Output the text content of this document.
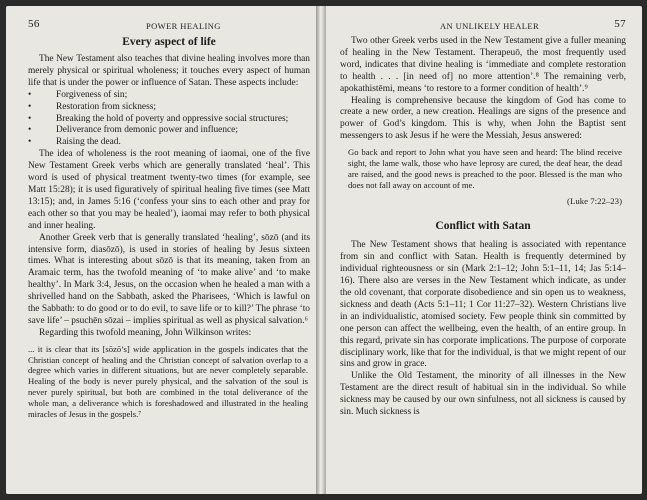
56	POWER HEALING
Every aspect of life

The New Testament also teaches that divine healing involves more than merely physical or spiritual wholeness; it touches every aspect of human life that is under the power or influence of Satan. These aspects include:

•	Forgiveness of sin;
•	Restoration from sickness;
•	Breaking the hold of poverty and oppressive social structures;
•	Deliverance from demonic power and influence;
•	Raising the dead.

The idea of wholeness is the root meaning of iaomai, one of the five New Testament Greek verbs which are generally translated ‘heal’. This word is used of physical treatment twenty-two times (for example, see Matt 15:28); it is used figuratively of spiritual healing five times (see Matt 13:15); and, in James 5:16 (‘confess your sins to each other and pray for each other so that you may be healed’), iaomai may refer to both physical and inner healing.

Another Greek verb that is generally translated ‘healing’, sōzō (and its intensive form, diasōzō), is used in stories of healing by Jesus sixteen times. What is interesting about sōzō is that its meaning, taken from an Aramaic term, has the twofold meaning of ‘to make alive’ and ‘to make healthy’. In Mark 3:4, Jesus, on the occasion when he healed a man with a shrivelled hand on the Sabbath, asked the Pharisees, ‘Which is lawful on the Sabbath: to do good or to do evil, to save life or to kill?’ The phrase ‘to save life’ – psuchēn sōzai – implies spiritual as well as physical salvation.⁶

Regarding this twofold meaning, John Wilkinson writes:

... it is clear that its [sōzō’s] wide application in the gospels indicates that the Christian concept of healing and the Christian concept of salvation overlap to a degree which varies in different situations, but are never completely separable. Healing of the body is never purely physical, and the salvation of the soul is never purely spiritual, but both are combined in the total deliverance of the whole man, a deliverance which is foreshadowed and illustrated in the healing miracles of Jesus in the gospels.⁷
AN UNLIKELY HEALER	57

Two other Greek verbs used in the New Testament give a fuller meaning of healing in the New Testament. Therapeuō, the most frequently used word, indicates that divine healing is ‘immediate and complete restoration to health . . . [in need of] no more attention’.⁸ The remaining verb, apokathistēmi, means ‘to restore to a former condition of health’.⁹

Healing is comprehensive because the kingdom of God has come to create a new order, a new creation. Healings are signs of the presence and power of God’s kingdom. This is why, when John the Baptist sent messengers to ask Jesus if he were the Messiah, Jesus answered:

Go back and report to John what you have seen and heard: The blind receive sight, the lame walk, those who have leprosy are cured, the deaf hear, the dead are raised, and the good news is preached to the poor. Blessed is the man who does not fall away on account of me.
(Luke 7:22–23)
Conflict with Satan

The New Testament shows that healing is associated with repentance from sin and conflict with Satan. Health is frequently determined by individual righteousness or sin (Mark 2:1–12; John 5:1–11, 14; Jas 5:14–16). There also are verses in the New Testament which indicate, as under the old covenant, that corporate disobedience and sin open us to weakness, sickness and death (Acts 5:1–11; 1 Cor 11:27–32). Western Christians live in an individualistic, atomised society. Few people think sin committed by one person can affect the wellbeing, even the health, of an entire group. In this regard, private sin has corporate implications. The purpose of corporate disciplinary work, like that for the individual, is that we might repent of our sins and grow in grace.

Unlike the Old Testament, the minority of all illnesses in the New Testament are the direct result of habitual sin in the individual. So while sickness may be caused by our own sinfulness, not all sickness is caused by sin. Much sickness is
